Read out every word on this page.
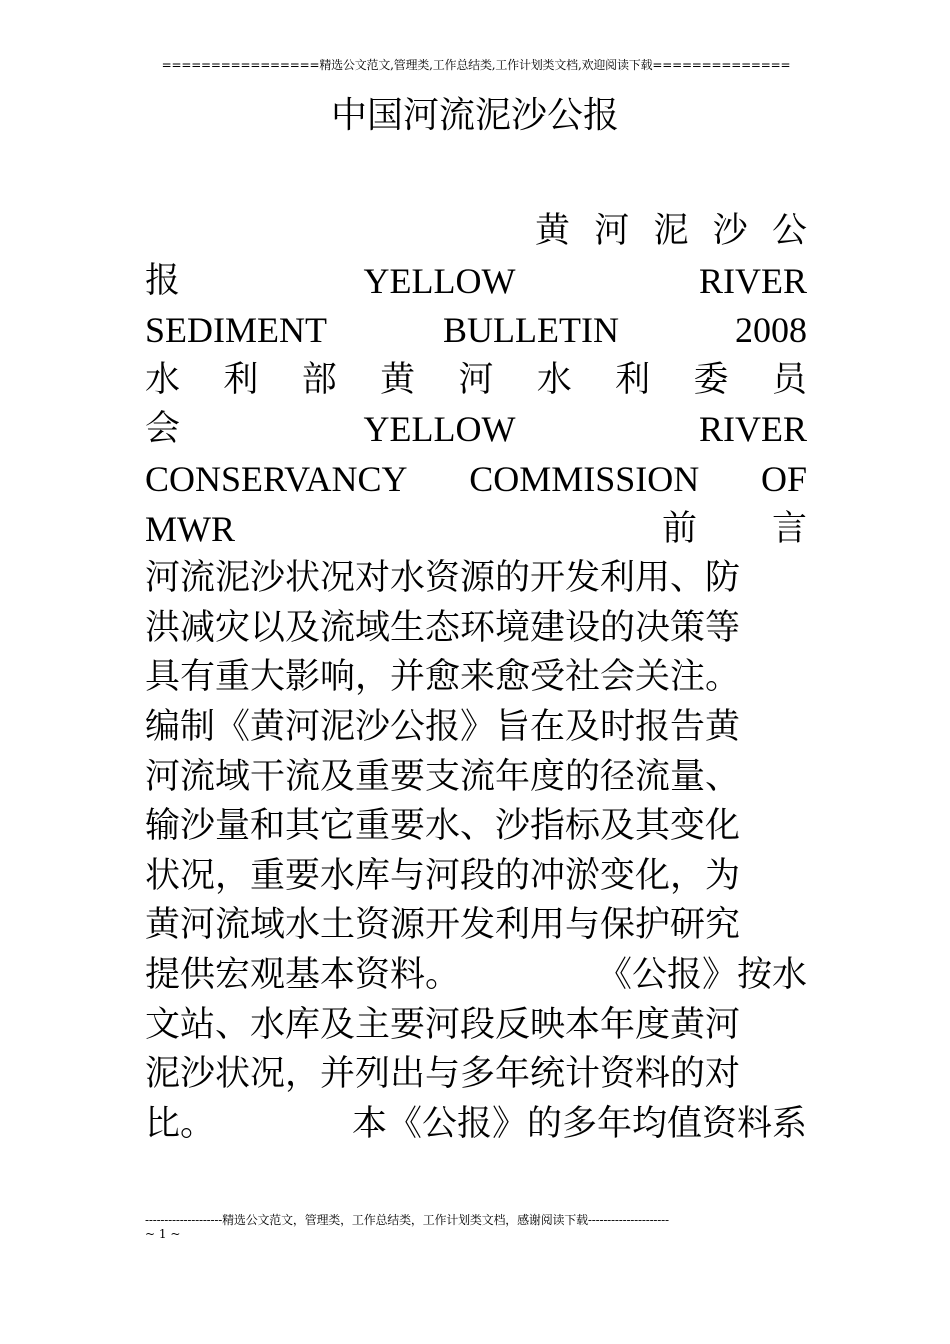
================精选公文范文,管理类,工作总结类,工作计划类文档,欢迎阅读下载==============
中国河流泥沙公报
黄 河 泥 沙 公
报	YELLOW	RIVER
SEDIMENT	BULLETIN	2008
水 利 部 黄 河 水 利 委 员
会	YELLOW	RIVER
CONSERVANCY COMMISSION OF
MWR	前 言
河流泥沙状况对水资源的开发利用、防
洪减灾以及流域生态环境建设的决策等
具有重大影响，并愈来愈受社会关注。
编制《黄河泥沙公报》旨在及时报告黄
河流域干流及重要支流年度的径流量、
输沙量和其它重要水、沙指标及其变化
状况，重要水库与河段的冲淤变化，为
黄河流域水土资源开发利用与保护研究
提供宏观基本资料。	《公报》按水
文站、水库及主要河段反映本年度黄河
泥沙状况，并列出与多年统计资料的对
比。	本《公报》的多年均值资料系
--------------------精选公文范文，管理类，工作总结类，工作计划类文档，感谢阅读下载---------------------
~ 1 ~
